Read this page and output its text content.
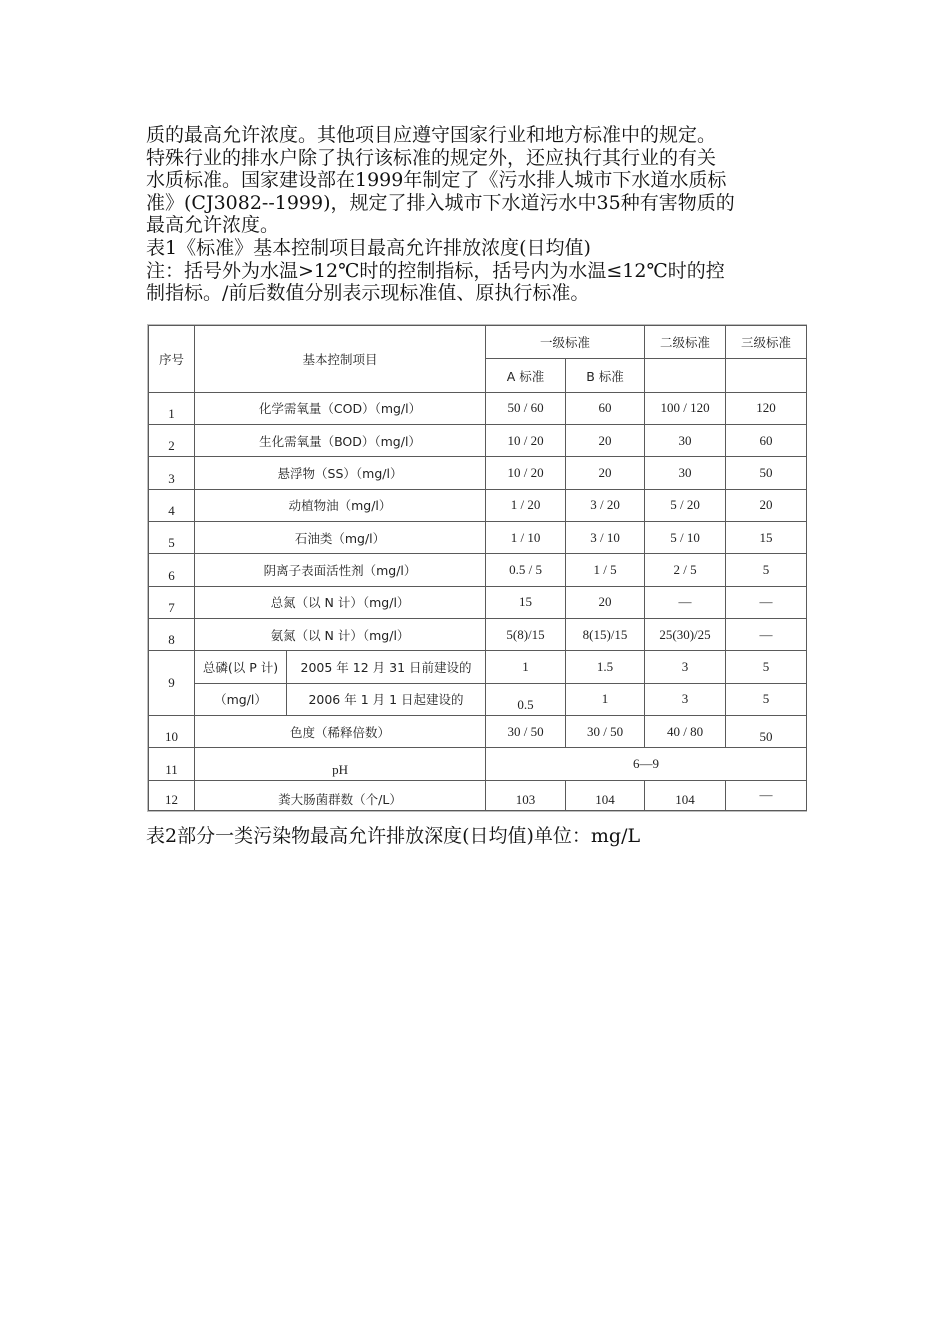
质的最高允许浓度。其他项目应遵守国家行业和地方标准中的规定。

特殊行业的排水户除了执行该标准的规定外，还应执行其行业的有关

水质标准。国家建设部在1999年制定了《污水排人城市下水道水质标

准》(CJ3082--1999)，规定了排入城市下水道污水中35种有害物质的

最高允许浓度。

表1《标准》基本控制项目最高允许排放浓度(日均值)

注：括号外为水温>12℃时的控制指标，括号内为水温≤12℃时的控

制指标。/前后数值分别表示现标准值、原执行标准。

序号	基本控制项目		一级标准		二级标准	三级标准
			A 标准	B 标准		
1	化学需氧量（COD）（mg/l）		50 / 60	60	100 / 120	120
2	生化需氧量（BOD）（mg/l）		10 / 20	20	30	60
3	悬浮物（SS）（mg/l）		10 / 20	20	30	50
4	动植物油（mg/l）		1 / 20	3 / 20	5 / 20	20
5	石油类（mg/l）		1 / 10	3 / 10	5 / 10	15
6	阴离子表面活性剂（mg/l）		0.5 / 5	1 / 5	2 / 5	5
7	总氮（以 N 计）（mg/l）		15	20	—	—
8	氨氮（以 N 计）（mg/l）		5(8)/15	8(15)/15	25(30)/25	—
9	总磷(以 P 计)	2005 年 12 月 31 日前建设的	1	1.5	3	5
	（mg/l）	2006 年 1 月 1 日起建设的	0.5	1	3	5
10	色度（稀释倍数）		30 / 50	30 / 50	40 / 80	50
11	pH		6—9			
12	粪大肠菌群数（个/L）		103	104	104	—
表2部分一类污染物最高允许排放深度(日均值)单位：mg/L
